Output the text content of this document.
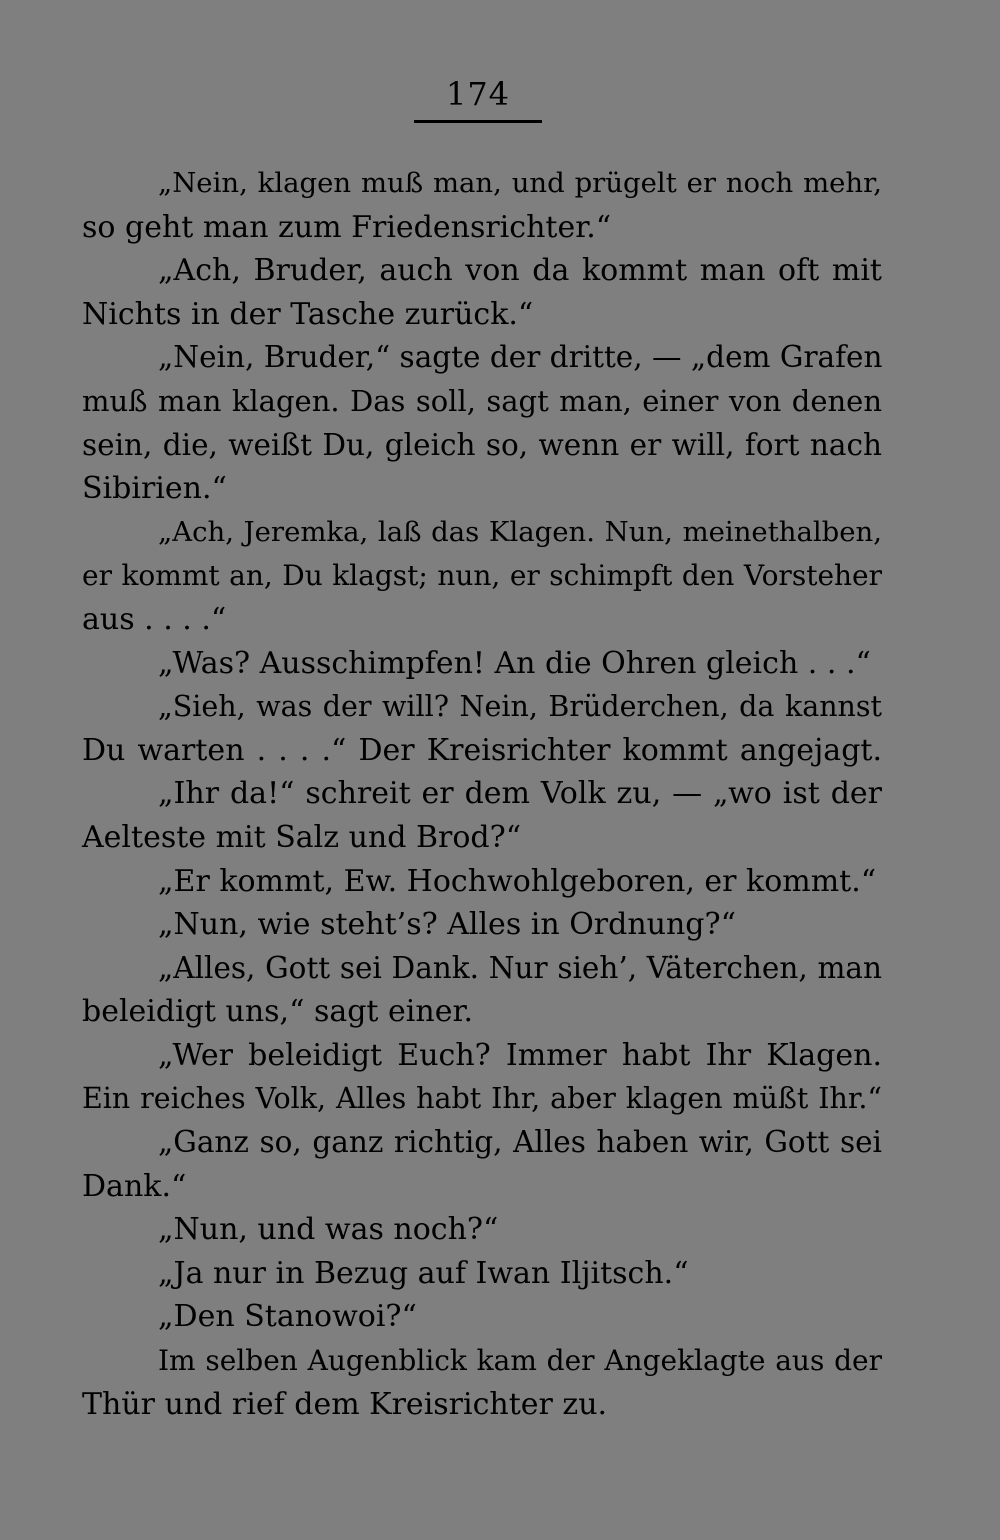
174
„Nein, klagen muß man, und prügelt er noch mehr,
so geht man zum Friedensrichter.“
„Ach, Bruder, auch von da kommt man oft mit
Nichts in der Tasche zurück.“
„Nein, Bruder,“ sagte der dritte, — „dem Grafen
muß man klagen. Das soll, sagt man, einer von denen
sein, die, weißt Du, gleich so, wenn er will, fort nach
Sibirien.“
„Ach, Jeremka, laß das Klagen. Nun, meinethalben,
er kommt an, Du klagst; nun, er schimpft den Vorsteher
aus . . . .“
„Was? Ausschimpfen! An die Ohren gleich . . .“
„Sieh, was der will? Nein, Brüderchen, da kannst
Du warten . . . .“ Der Kreisrichter kommt angejagt.
„Ihr da!“ schreit er dem Volk zu, — „wo ist der
Aelteste mit Salz und Brod?“
„Er kommt, Ew. Hochwohlgeboren, er kommt.“
„Nun, wie steht’s? Alles in Ordnung?“
„Alles, Gott sei Dank. Nur sieh’, Väterchen, man
beleidigt uns,“ sagt einer.
„Wer beleidigt Euch? Immer habt Ihr Klagen.
Ein reiches Volk, Alles habt Ihr, aber klagen müßt Ihr.“
„Ganz so, ganz richtig, Alles haben wir, Gott sei
Dank.“
„Nun, und was noch?“
„Ja nur in Bezug auf Iwan Iljitsch.“
„Den Stanowoi?“
Im selben Augenblick kam der Angeklagte aus der
Thür und rief dem Kreisrichter zu.
